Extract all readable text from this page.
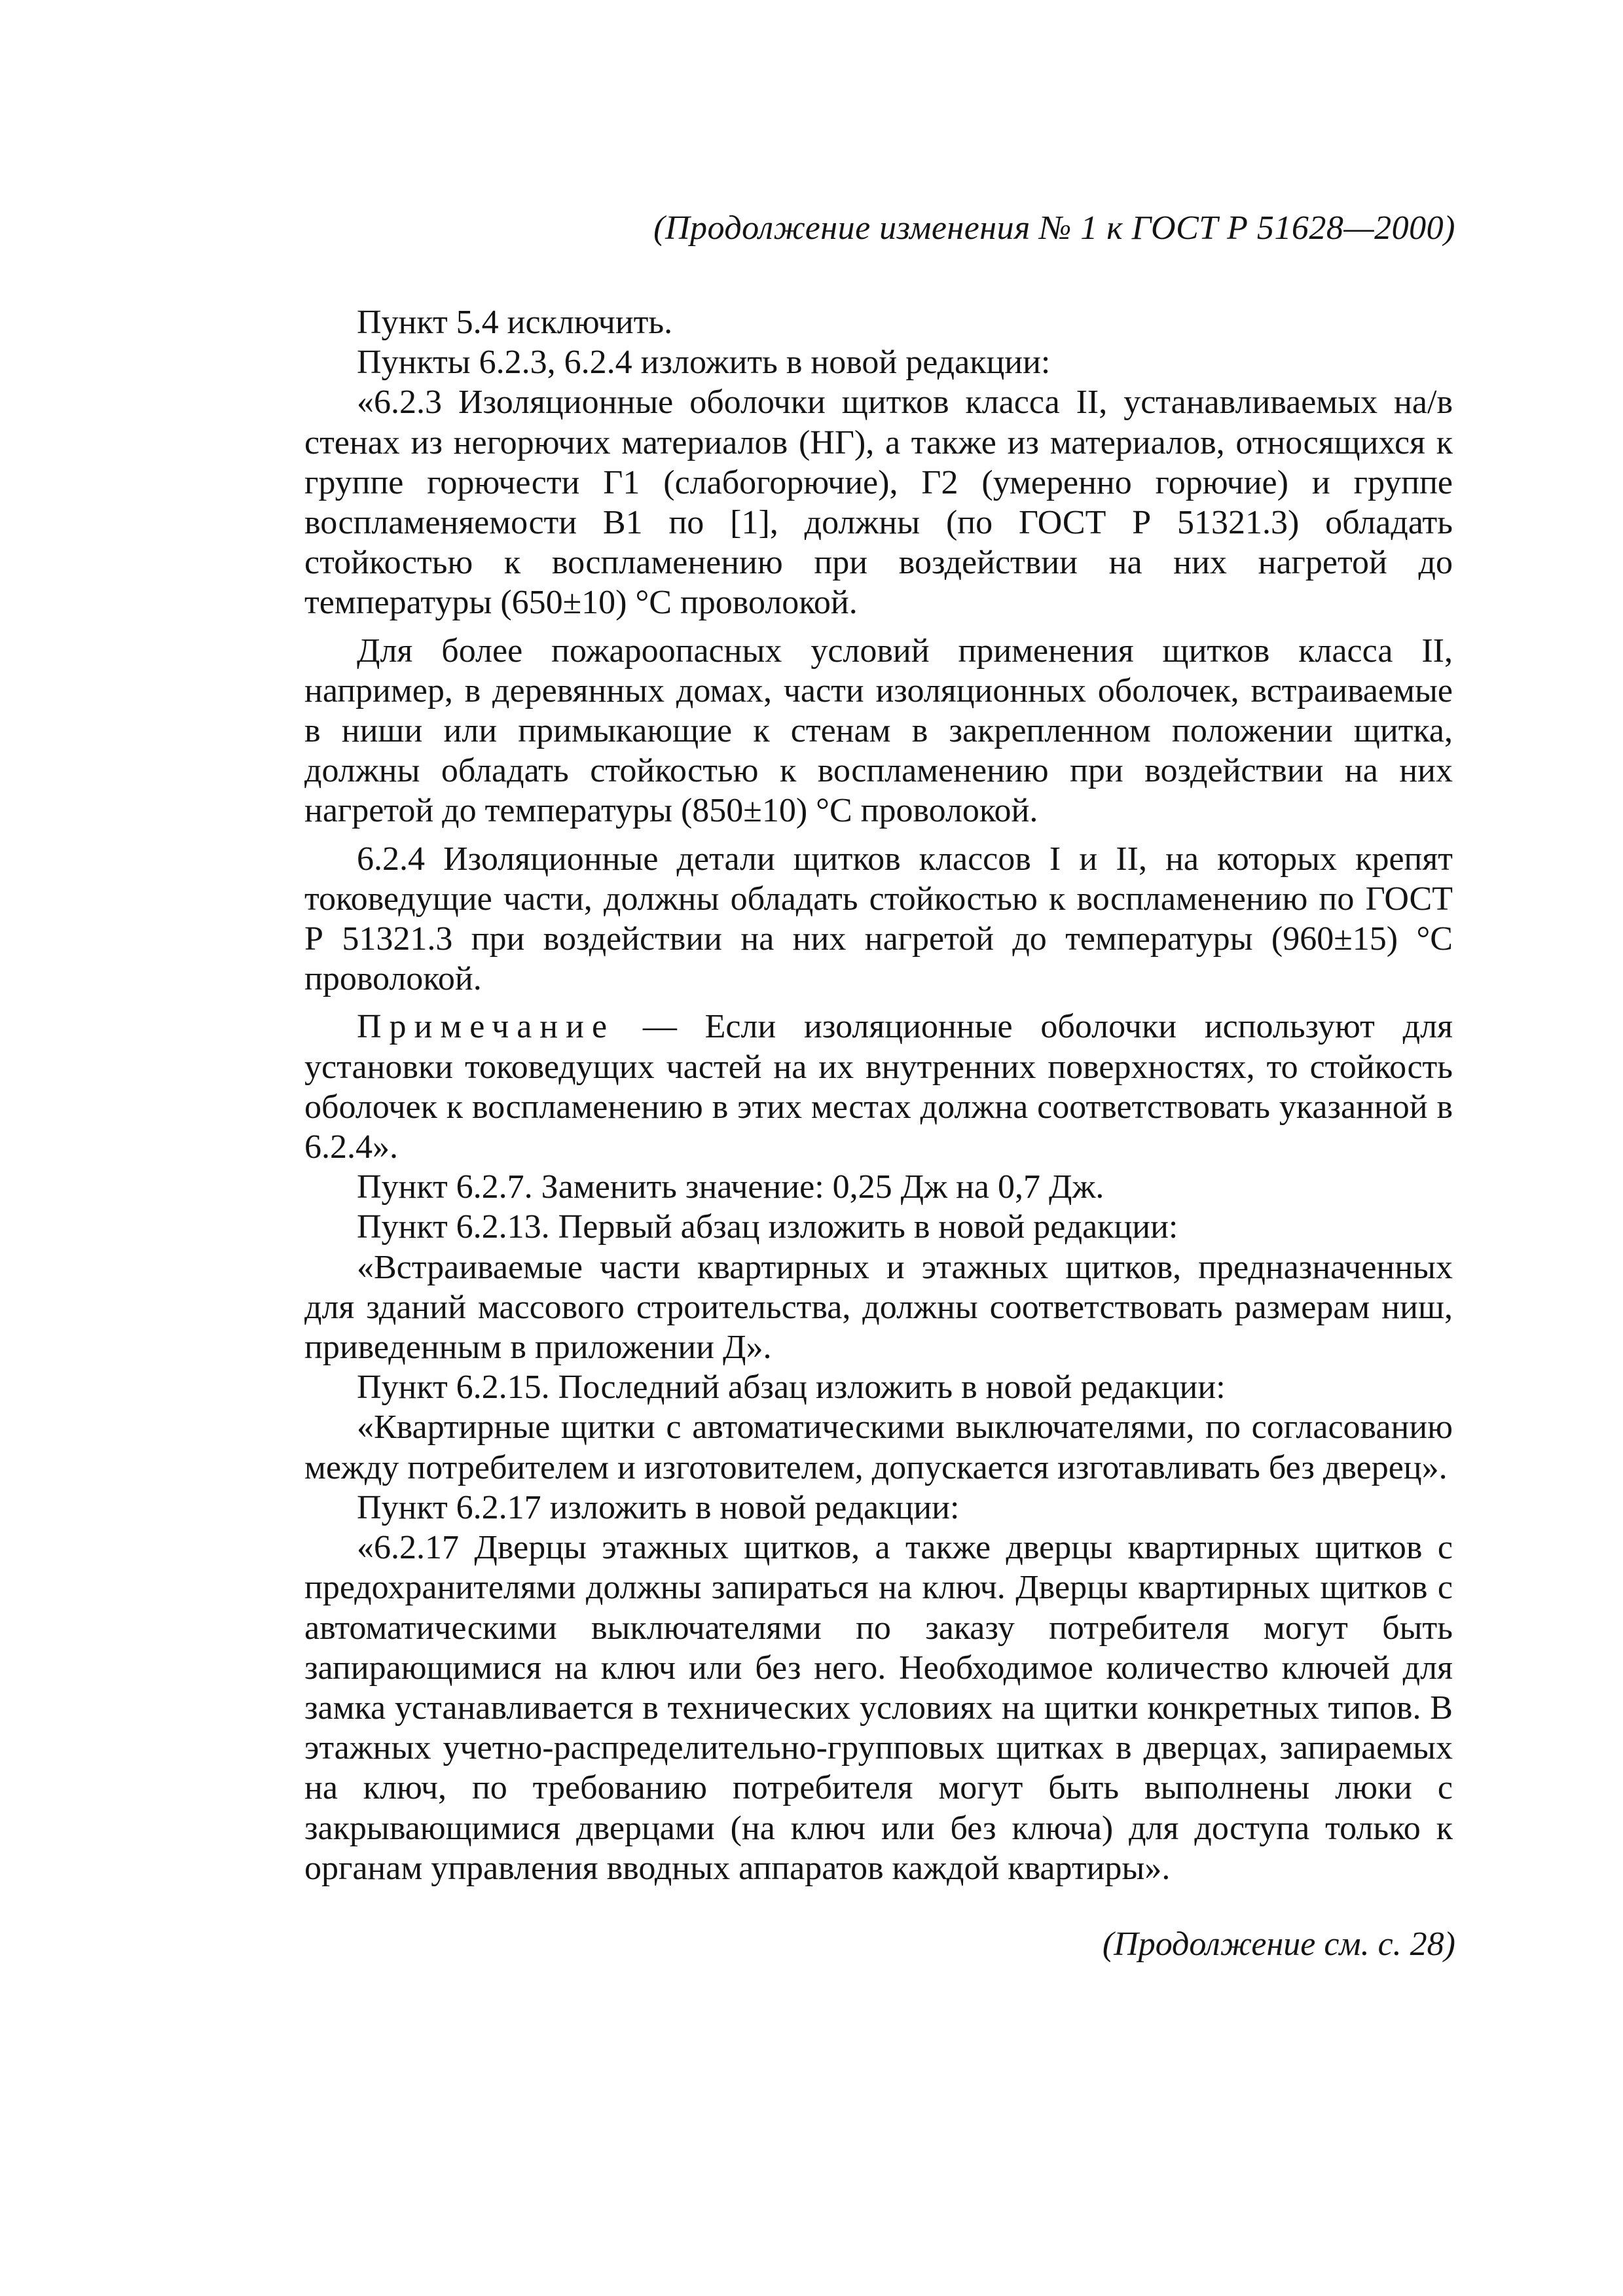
(Продолжение изменения № 1 к ГОСТ Р 51628—2000)

Пункт 5.4 исключить.

Пункты 6.2.3, 6.2.4 изложить в новой редакции:

«6.2.3 Изоляционные оболочки щитков класса II, устанавливаемых на/в стенах из негорючих материалов (НГ), а также из материалов, относящихся к группе горючести Г1 (слабогорючие), Г2 (умеренно горючие) и группе воспламеняемости В1 по [1], должны (по ГОСТ Р 51321.3) обладать стойкостью к воспламенению при воздействии на них нагретой до температуры (650±10) °С проволокой.

Для более пожароопасных условий применения щитков класса II, например, в деревянных домах, части изоляционных оболочек, встраиваемые в ниши или примыкающие к стенам в закрепленном положении щитка, должны обладать стойкостью к воспламенению при воздействии на них нагретой до температуры (850±10) °С проволокой.

6.2.4 Изоляционные детали щитков классов I и II, на которых крепят токоведущие части, должны обладать стойкостью к воспламенению по ГОСТ Р 51321.3 при воздействии на них нагретой до температуры (960±15) °С проволокой.

Примечание — Если изоляционные оболочки используют для установки токоведущих частей на их внутренних поверхностях, то стойкость оболочек к воспламенению в этих местах должна соответствовать указанной в 6.2.4».

Пункт 6.2.7. Заменить значение: 0,25 Дж на 0,7 Дж.

Пункт 6.2.13. Первый абзац изложить в новой редакции:

«Встраиваемые части квартирных и этажных щитков, предназначенных для зданий массового строительства, должны соответствовать размерам ниш, приведенным в приложении Д».

Пункт 6.2.15. Последний абзац изложить в новой редакции:

«Квартирные щитки с автоматическими выключателями, по согласованию между потребителем и изготовителем, допускается изготавливать без дверец».

Пункт 6.2.17 изложить в новой редакции:

«6.2.17 Дверцы этажных щитков, а также дверцы квартирных щитков с предохранителями должны запираться на ключ. Дверцы квартирных щитков с автоматическими выключателями по заказу потребителя могут быть запирающимися на ключ или без него. Необходимое количество ключей для замка устанавливается в технических условиях на щитки конкретных типов. В этажных учетно-распределительно-групповых щитках в дверцах, запираемых на ключ, по требованию потребителя могут быть выполнены люки с закрывающимися дверцами (на ключ или без ключа) для доступа только к органам управления вводных аппаратов каждой квартиры».

(Продолжение см. с. 28)
